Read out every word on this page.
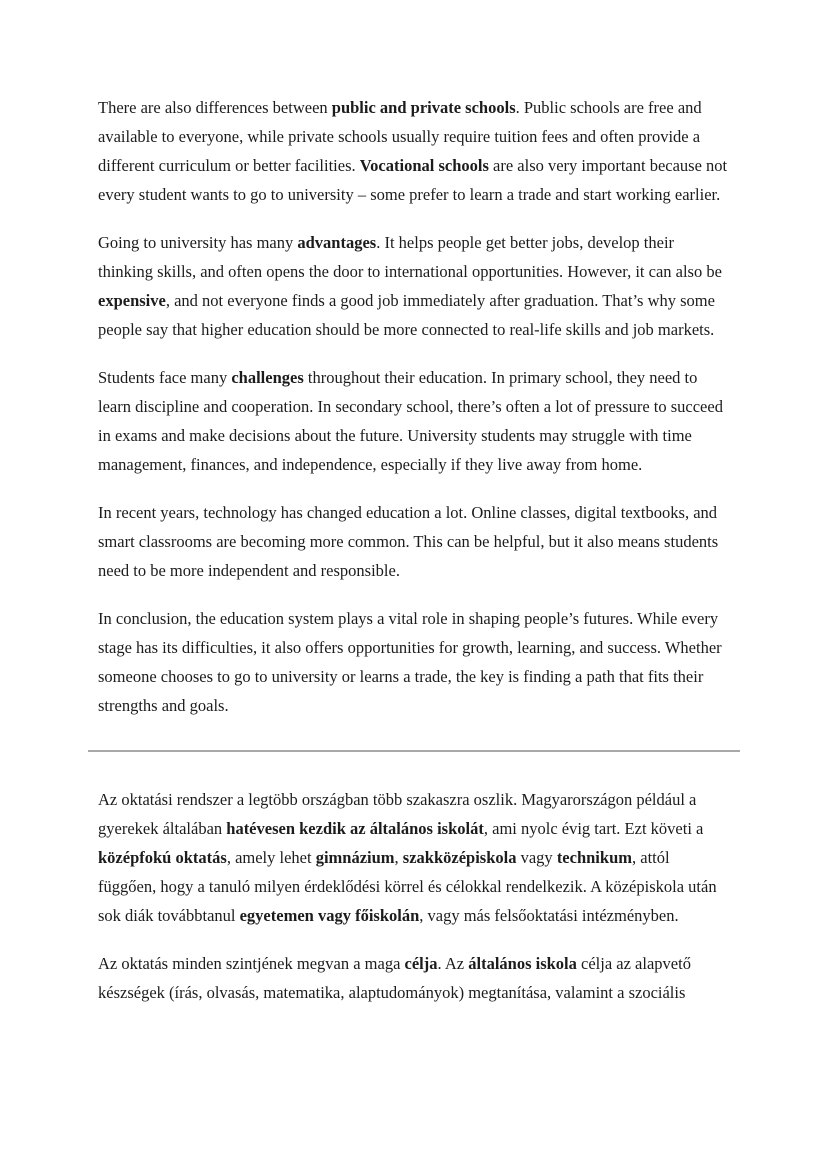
There are also differences between public and private schools. Public schools are free and available to everyone, while private schools usually require tuition fees and often provide a different curriculum or better facilities. Vocational schools are also very important because not every student wants to go to university – some prefer to learn a trade and start working earlier.

Going to university has many advantages. It helps people get better jobs, develop their thinking skills, and often opens the door to international opportunities. However, it can also be expensive, and not everyone finds a good job immediately after graduation. That’s why some people say that higher education should be more connected to real-life skills and job markets.

Students face many challenges throughout their education. In primary school, they need to learn discipline and cooperation. In secondary school, there’s often a lot of pressure to succeed in exams and make decisions about the future. University students may struggle with time management, finances, and independence, especially if they live away from home.

In recent years, technology has changed education a lot. Online classes, digital textbooks, and smart classrooms are becoming more common. This can be helpful, but it also means students need to be more independent and responsible.

In conclusion, the education system plays a vital role in shaping people’s futures. While every stage has its difficulties, it also offers opportunities for growth, learning, and success. Whether someone chooses to go to university or learns a trade, the key is finding a path that fits their strengths and goals.

Az oktatási rendszer a legtöbb országban több szakaszra oszlik. Magyarországon például a gyerekek általában hatévesen kezdik az általános iskolát, ami nyolc évig tart. Ezt követi a középfokú oktatás, amely lehet gimnázium, szakközépiskola vagy technikum, attól függően, hogy a tanuló milyen érdeklődési körrel és célokkal rendelkezik. A középiskola után sok diák továbbtanul egyetemen vagy főiskolán, vagy más felsőoktatási intézményben.

Az oktatás minden szintjének megvan a maga célja. Az általános iskola célja az alapvető készségek (írás, olvasás, matematika, alaptudományok) megtanítása, valamint a szociális
